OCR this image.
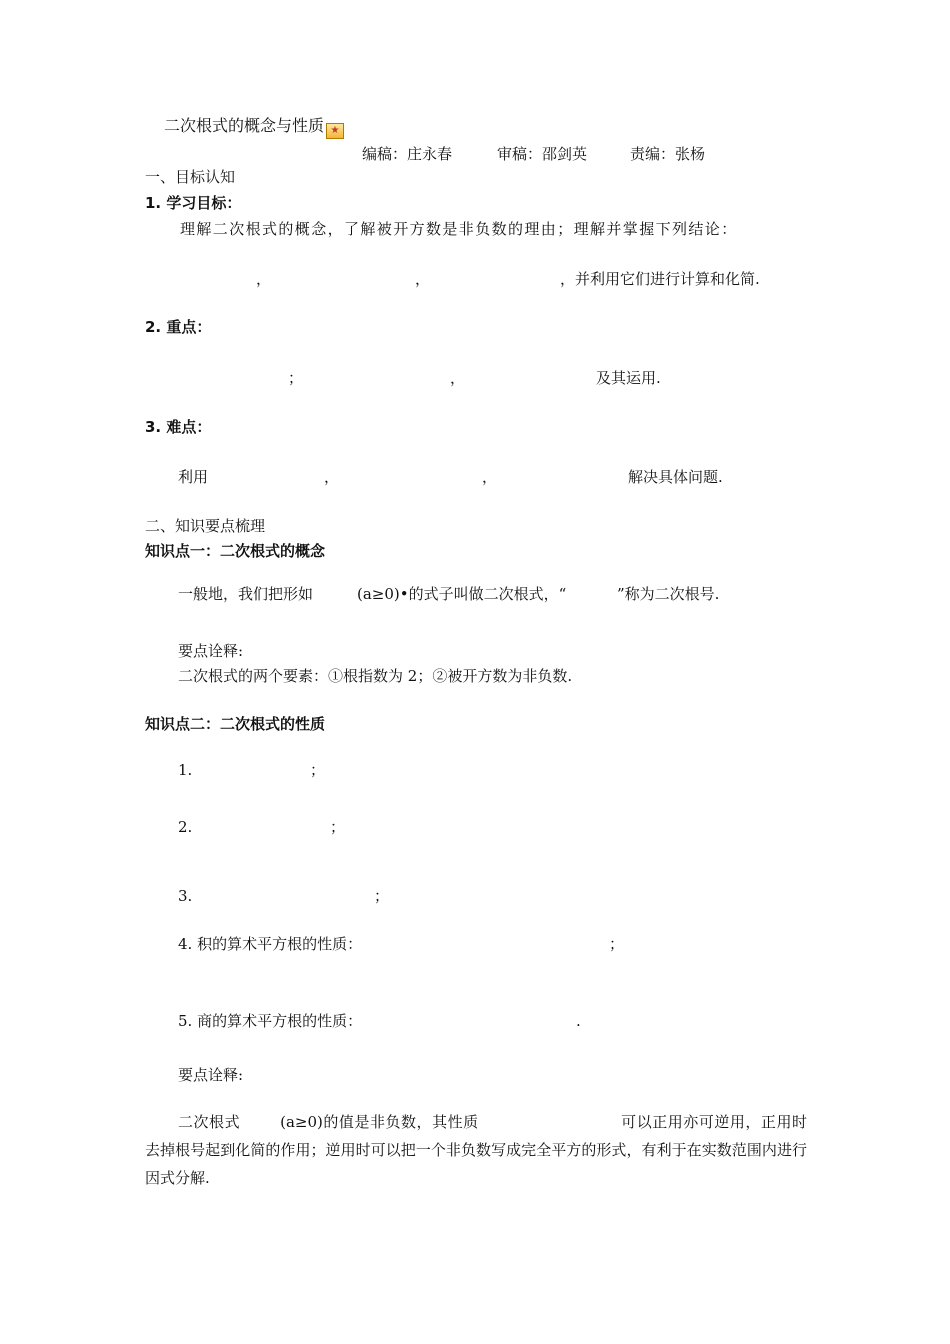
二次根式的概念与性质 ★
编稿：庄永春	审稿：邵剑英	责编：张杨
一、目标认知
1. 学习目标：
理解二次根式的概念，了解被开方数是非负数的理由；理解并掌握下列结论：
，	，	，并利用它们进行计算和化简.
2. 重点：
；	，	及其运用.
3. 难点：
利用	，	，	解决具体问题.
二、知识要点梳理
知识点一：二次根式的概念
一般地，我们把形如	(a≥0)•的式子叫做二次根式，“	”称为二次根号.
要点诠释:
二次根式的两个要素：①根指数为 2；②被开方数为非负数.
知识点二：二次根式的性质
1.	；
2.	；
3.	；
4. 积的算术平方根的性质：	；
5. 商的算术平方根的性质：	.
要点诠释:
二次根式	(a≥0)的值是非负数，其性质	可以正用亦可逆用，正用时去掉根号起到化简的作用；逆用时可以把一个非负数写成完全平方的形式，有利于在实数范围内进行因式分解.
